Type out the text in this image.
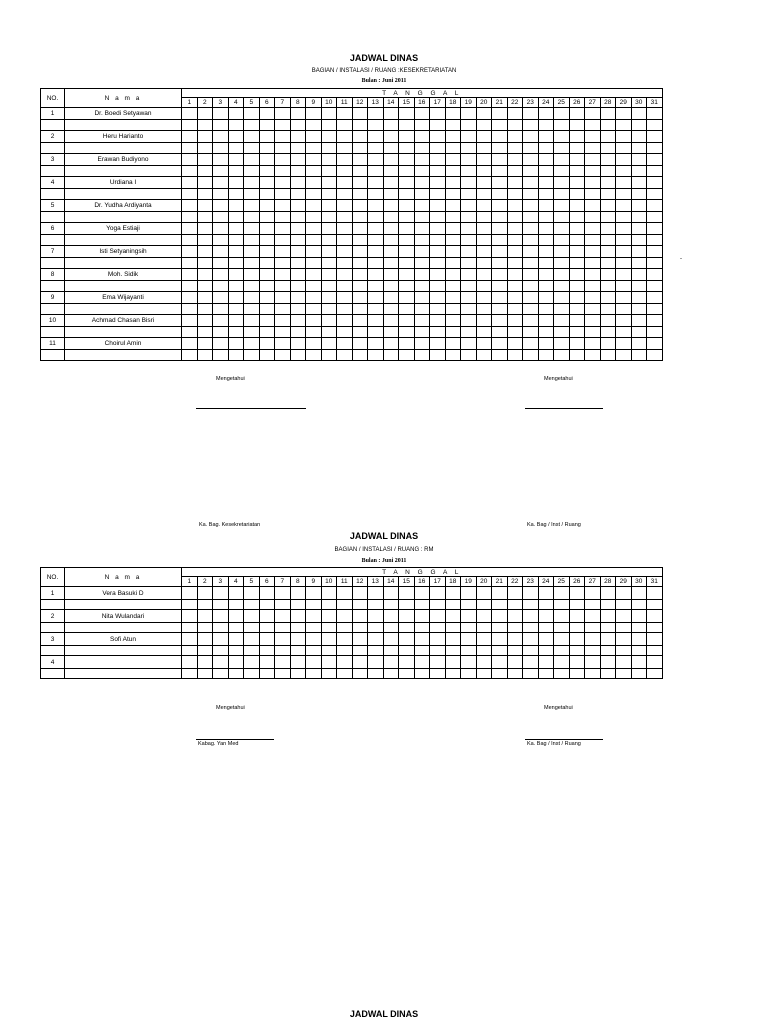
JADWAL DINAS
BAGIAN / INSTALASI / RUANG :KESEKRETARIATAN
Bulan : Juni 2011
NO.	N a m a	T A N G G A L																														
		1	2	3	4	5	6	7	8	9	10	11	12	13	14	15	16	17	18	19	20	21	22	23	24	25	26	27	28	29	30	31
1	Dr. Boedi Setyawan																															

2	Heru Harianto																															

3	Erawan Budiyono																															

4	Urdiana I																															

5	Dr. Yudha Ardiyanta																															

6	Yoga Estiaji																															

7	Isti Setyaningsih																															

8	Moh. Sidik																															

9	Ema Wijayanti																															

10	Achmad Chasan Bisri																															

11	Choirul Amin																															

Mengetahui	Mengetahui
Ka. Bag. Kesekretariatan	Ka. Bag / Inst / Ruang
-
JADWAL DINAS
BAGIAN / INSTALASI / RUANG : RM
Bulan : Juni 2011
NO.	N a m a	T A N G G A L																														
		1	2	3	4	5	6	7	8	9	10	11	12	13	14	15	16	17	18	19	20	21	22	23	24	25	26	27	28	29	30	31
1	Vera Basuki D																															

2	Nita Wulandari																															

3	Sofi Atun																															

4																																

Mengetahui	Mengetahui
Kabag. Yan Med	Ka. Bag / Inst / Ruang
JADWAL DINAS
